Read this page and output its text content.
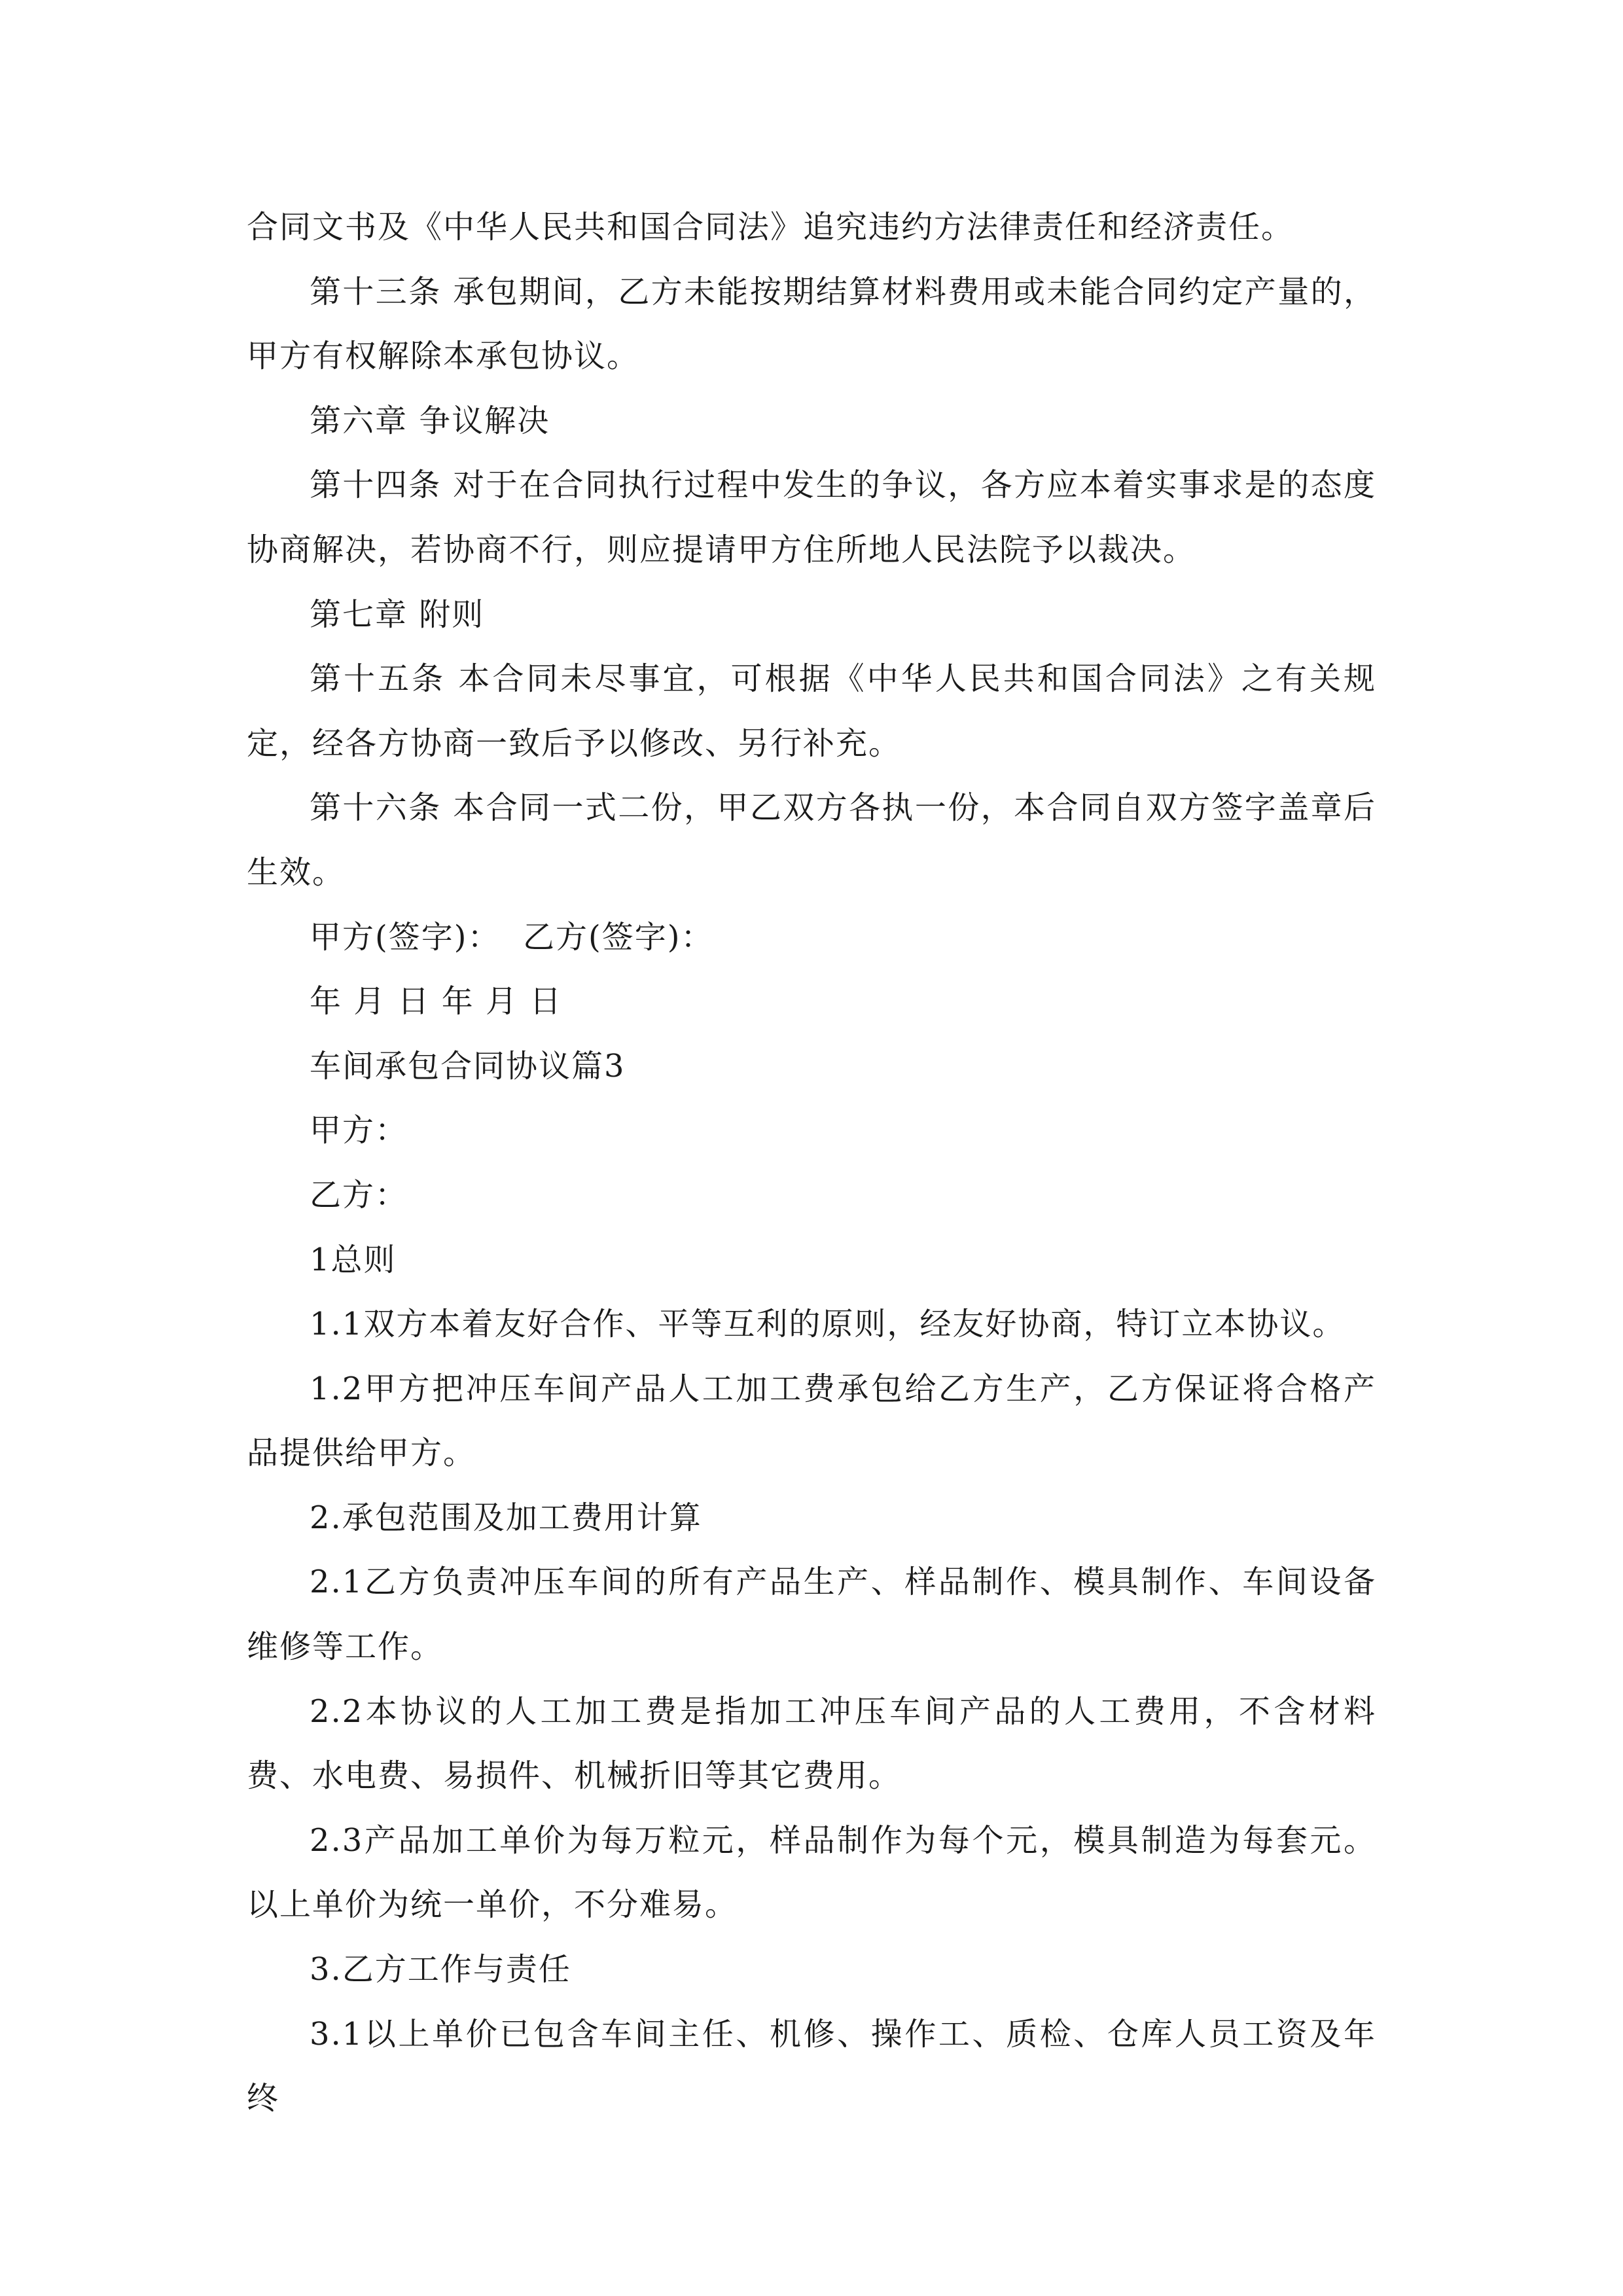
合同文书及《中华人民共和国合同法》追究违约方法律责任和经济责任。

第十三条 承包期间，乙方未能按期结算材料费用或未能合同约定产量的，甲方有权解除本承包协议。

第六章 争议解决

第十四条 对于在合同执行过程中发生的争议，各方应本着实事求是的态度协商解决，若协商不行，则应提请甲方住所地人民法院予以裁决。

第七章 附则

第十五条 本合同未尽事宜，可根据《中华人民共和国合同法》之有关规定，经各方协商一致后予以修改、另行补充。

第十六条 本合同一式二份，甲乙双方各执一份，本合同自双方签字盖章后生效。

甲方(签字)：  乙方(签字)：

年 月 日 年 月 日

车间承包合同协议篇3

甲方：

乙方：

1总则

1.1双方本着友好合作、平等互利的原则，经友好协商，特订立本协议。

1.2甲方把冲压车间产品人工加工费承包给乙方生产，乙方保证将合格产品提供给甲方。

2.承包范围及加工费用计算

2.1乙方负责冲压车间的所有产品生产、样品制作、模具制作、车间设备维修等工作。

2.2本协议的人工加工费是指加工冲压车间产品的人工费用，不含材料费、水电费、易损件、机械折旧等其它费用。

2.3产品加工单价为每万粒元，样品制作为每个元，模具制造为每套元。以上单价为统一单价，不分难易。

3.乙方工作与责任

3.1以上单价已包含车间主任、机修、操作工、质检、仓库人员工资及年终
